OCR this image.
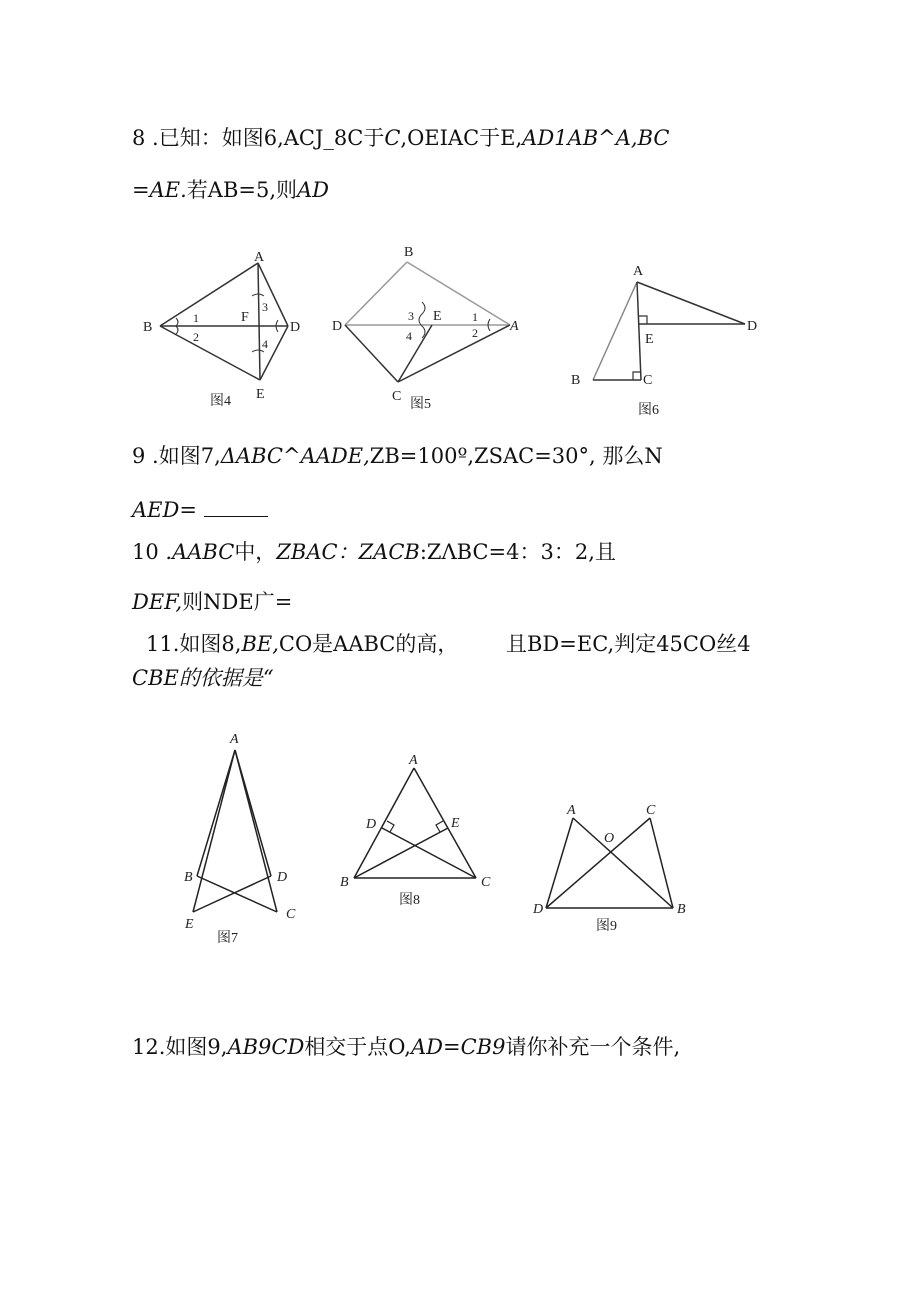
8 .已知：如图6,ACJ_8C于C,OEIAC于E,AD1AB^A,BC
=AE.若AB=5,则AD
A
B
F
D
E
1
2
3
4
图4
B
D
E
A
C
3
4
1
2
图5
A
E
D
B	C
图6
9 .如图7,ΔABC^AADE,ZB=100º,ZSAC=30°, 那么N
AED=
10 .AABC中，ZBAC：ZACB:ZΛBC=4：3：2,且
DEF,则NDE广=
11.如图8,BE,CO是AABC的高， 且BD=EC,判定45CO丝4
CBE的依据是“
A
B	D
E
C
图7
A
D	E
B	C
图8
A	C
O
D	B
图9
12.如图9,AB9CD相交于点O,AD=CB9请你补充一个条件,
